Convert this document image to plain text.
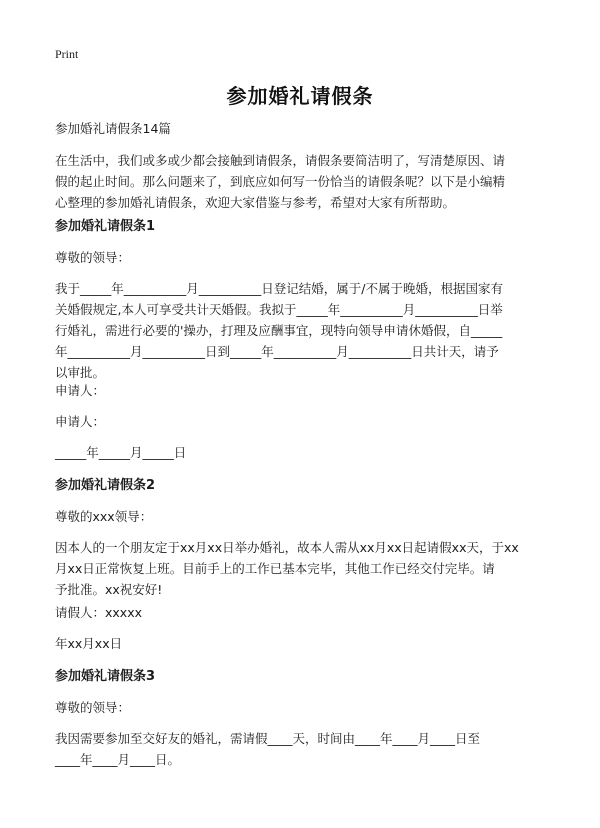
Print
参加婚礼请假条
参加婚礼请假条14篇
在生活中，我们或多或少都会接触到请假条，请假条要简洁明了，写清楚原因、请
假的起止时间。那么问题来了，到底应如何写一份恰当的请假条呢？以下是小编精
心整理的参加婚礼请假条，欢迎大家借鉴与参考，希望对大家有所帮助。
参加婚礼请假条1
尊敬的领导：
我于_____年__________月__________日登记结婚，属于/不属于晚婚，根据国家有
关婚假规定,本人可享受共计天婚假。我拟于_____年__________月__________日举
行婚礼，需进行必要的'操办，打理及应酬事宜，现特向领导申请休婚假，自_____
年__________月__________日到_____年__________月__________日共计天，请予
以审批。
申请人：
申请人：
_____年_____月_____日
参加婚礼请假条2
尊敬的xxx领导：
因本人的一个朋友定于xx月xx日举办婚礼，故本人需从xx月xx日起请假xx天，于xx
月xx日正常恢复上班。目前手上的工作已基本完毕，其他工作已经交付完毕。请
予批准。xx祝安好!
请假人：xxxxx
年xx月xx日
参加婚礼请假条3
尊敬的领导：
我因需要参加至交好友的婚礼，需请假____天，时间由____年____月____日至
____年____月____日。
